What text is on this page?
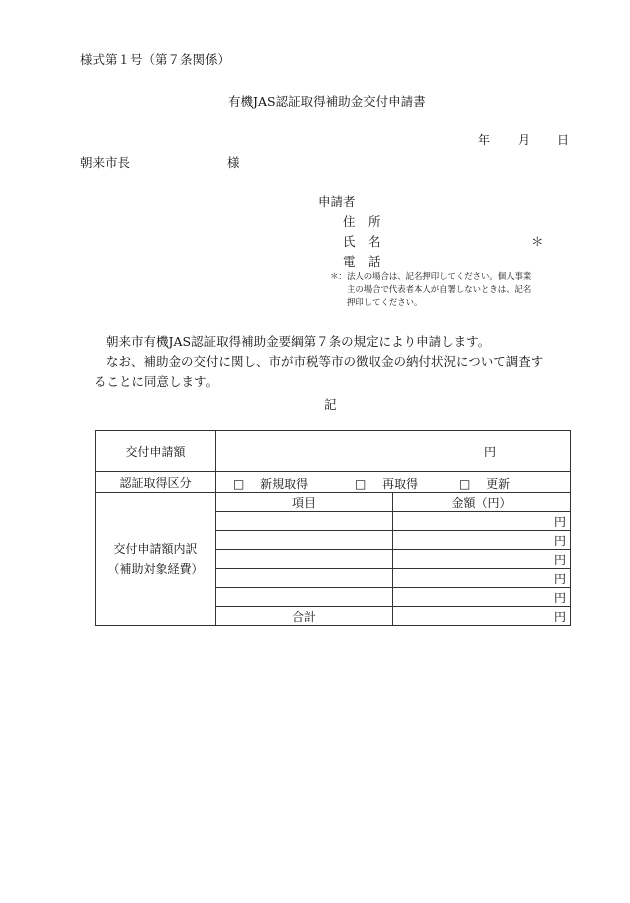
様式第１号（第７条関係）
有機JAS認証取得補助金交付申請書
年 月 日
朝来市長	様
申請者
住　所
氏　名	＊
電　話
＊： 法人の場合は、記名押印してください。個人事業
主の場合で代表者本人が自署しないときは、記名
押印してください。
朝来市有機JAS認証取得補助金要綱第７条の規定により申請します。
なお、補助金の交付に関し、市が市税等市の徴収金の納付状況について調査す
ることに同意します。
記
交付申請額	円	

認証取得区分	□ 新規取得 □ 再取得 □ 更新	

交付申請額内訳
（補助対象経費）	項目	金額（円）
		円
		円
		円
		円
		円
	合計	円
